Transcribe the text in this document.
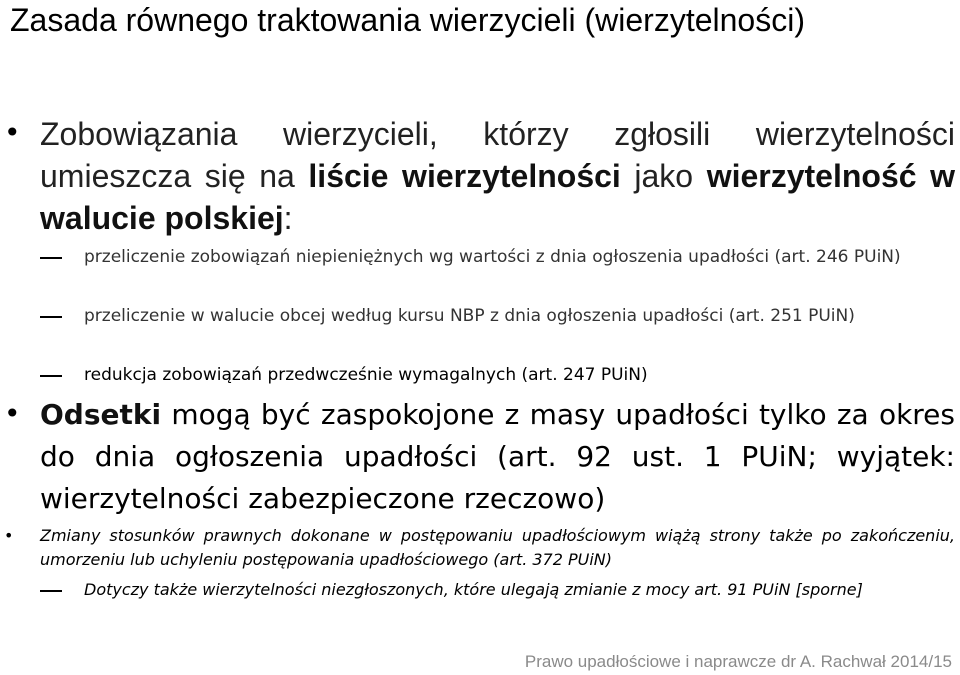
Zasada równego traktowania wierzycieli (wierzytelności)
• Zobowiązania wierzycieli, którzy zgłosili wierzytelności umieszcza się na liście wierzytelności jako wierzytelność w walucie polskiej:
przeliczenie zobowiązań niepieniężnych wg wartości z dnia ogłoszenia upadłości (art. 246 PUiN)
przeliczenie w walucie obcej według kursu NBP z dnia ogłoszenia upadłości (art. 251 PUiN)
redukcja zobowiązań przedwcześnie wymagalnych (art. 247 PUiN)
• Odsetki mogą być zaspokojone z masy upadłości tylko za okres do dnia ogłoszenia upadłości (art. 92 ust. 1 PUiN; wyjątek: wierzytelności zabezpieczone rzeczowo)
• Zmiany stosunków prawnych dokonane w postępowaniu upadłościowym wiążą strony także po zakończeniu, umorzeniu lub uchyleniu postępowania upadłościowego (art. 372 PUiN)
Dotyczy także wierzytelności niezgłoszonych, które ulegają zmianie z mocy art. 91 PUiN [sporne]
Prawo upadłościowe i naprawcze dr A. Rachwał 2014/15
